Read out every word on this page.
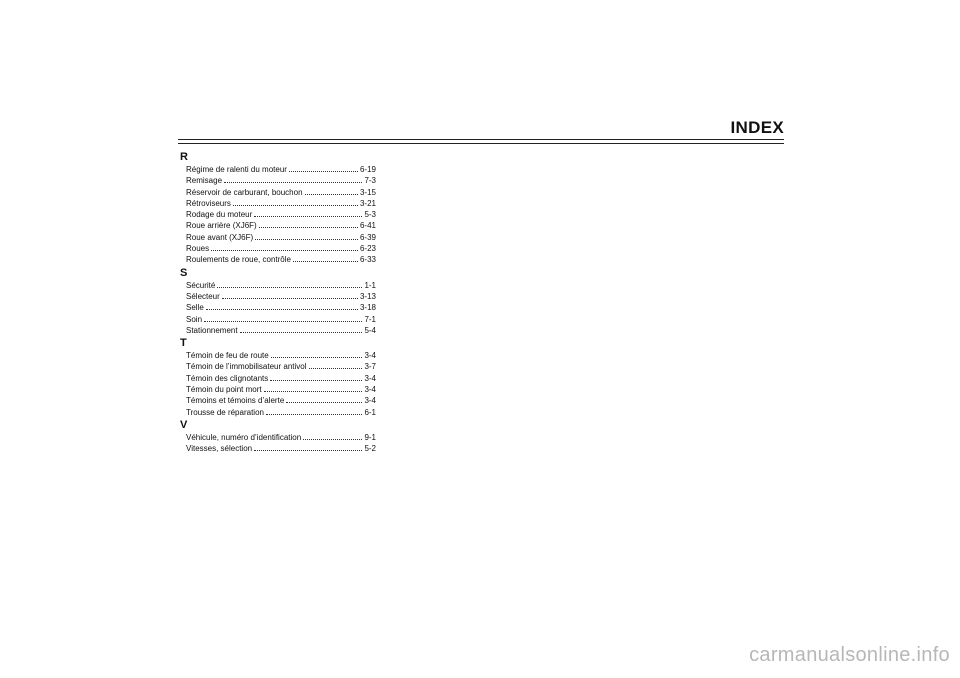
INDEX
R
Régime de ralenti du moteur	6-19
Remisage	7-3
Réservoir de carburant, bouchon	3-15
Rétroviseurs	3-21
Rodage du moteur	5-3
Roue arrière (XJ6F)	6-41
Roue avant (XJ6F)	6-39
Roues	6-23
Roulements de roue, contrôle	6-33
S
Sécurité	1-1
Sélecteur	3-13
Selle	3-18
Soin	7-1
Stationnement	5-4
T
Témoin de feu de route	3-4
Témoin de l’immobilisateur antivol	3-7
Témoin des clignotants	3-4
Témoin du point mort	3-4
Témoins et témoins d’alerte	3-4
Trousse de réparation	6-1
V
Véhicule, numéro d’identification	9-1
Vitesses, sélection	5-2
carmanualsonline.info
